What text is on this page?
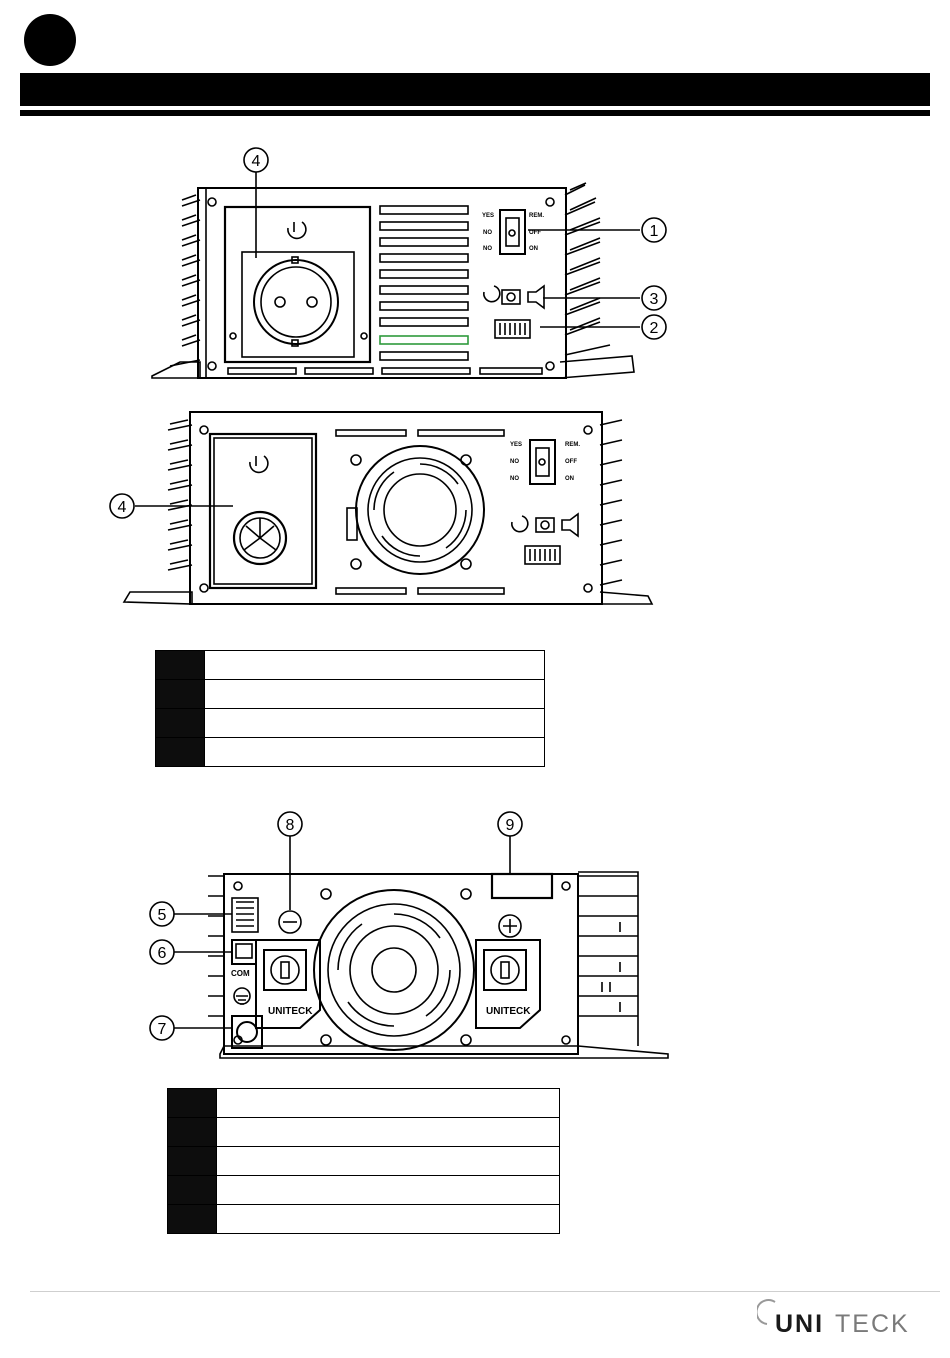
4
1
3
2
YES	REM.
NO	OFF
NO	ON
4
YES	REM.
NO	OFF
NO	ON

5
6
7
8	9
COM
UNITECK	UNITECK

UNI TECK
